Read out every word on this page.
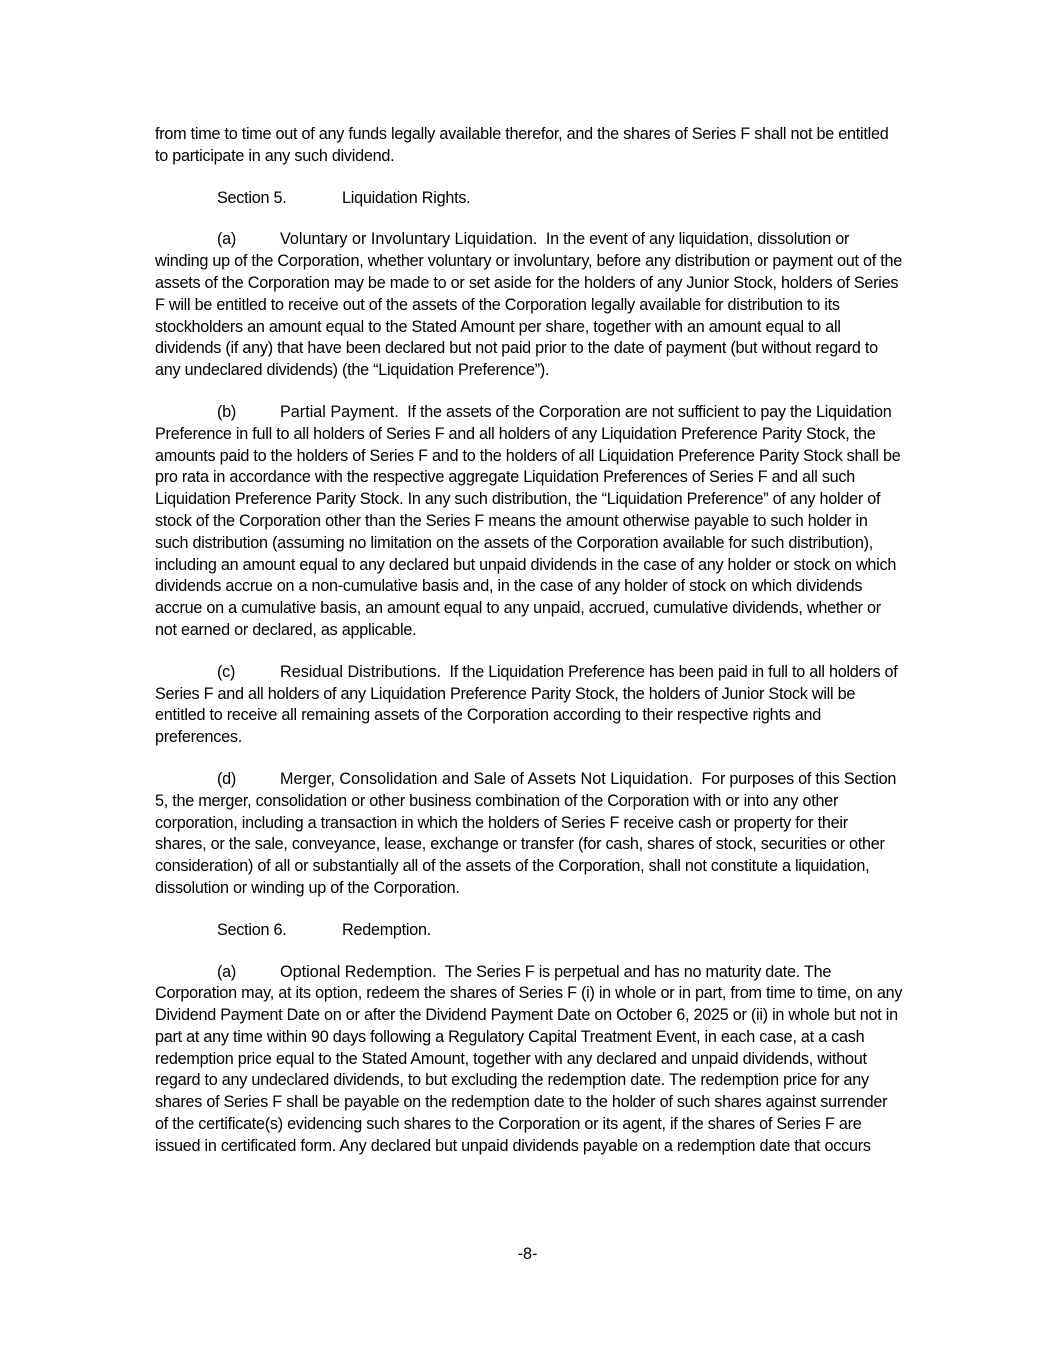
from time to time out of any funds legally available therefor, and the shares of Series F shall not be entitled to participate in any such dividend.

Section 5.	Liquidation Rights.

(a)	Voluntary or Involuntary Liquidation. In the event of any liquidation, dissolution or winding up of the Corporation, whether voluntary or involuntary, before any distribution or payment out of the assets of the Corporation may be made to or set aside for the holders of any Junior Stock, holders of Series F will be entitled to receive out of the assets of the Corporation legally available for distribution to its stockholders an amount equal to the Stated Amount per share, together with an amount equal to all dividends (if any) that have been declared but not paid prior to the date of payment (but without regard to any undeclared dividends) (the “Liquidation Preference”).

(b)	Partial Payment. If the assets of the Corporation are not sufficient to pay the Liquidation Preference in full to all holders of Series F and all holders of any Liquidation Preference Parity Stock, the amounts paid to the holders of Series F and to the holders of all Liquidation Preference Parity Stock shall be pro rata in accordance with the respective aggregate Liquidation Preferences of Series F and all such Liquidation Preference Parity Stock. In any such distribution, the “Liquidation Preference” of any holder of stock of the Corporation other than the Series F means the amount otherwise payable to such holder in such distribution (assuming no limitation on the assets of the Corporation available for such distribution), including an amount equal to any declared but unpaid dividends in the case of any holder or stock on which dividends accrue on a non-cumulative basis and, in the case of any holder of stock on which dividends accrue on a cumulative basis, an amount equal to any unpaid, accrued, cumulative dividends, whether or not earned or declared, as applicable.

(c)	Residual Distributions. If the Liquidation Preference has been paid in full to all holders of Series F and all holders of any Liquidation Preference Parity Stock, the holders of Junior Stock will be entitled to receive all remaining assets of the Corporation according to their respective rights and preferences.

(d)	Merger, Consolidation and Sale of Assets Not Liquidation. For purposes of this Section 5, the merger, consolidation or other business combination of the Corporation with or into any other corporation, including a transaction in which the holders of Series F receive cash or property for their shares, or the sale, conveyance, lease, exchange or transfer (for cash, shares of stock, securities or other consideration) of all or substantially all of the assets of the Corporation, shall not constitute a liquidation, dissolution or winding up of the Corporation.

Section 6.	Redemption.

(a)	Optional Redemption. The Series F is perpetual and has no maturity date. The Corporation may, at its option, redeem the shares of Series F (i) in whole or in part, from time to time, on any Dividend Payment Date on or after the Dividend Payment Date on October 6, 2025 or (ii) in whole but not in part at any time within 90 days following a Regulatory Capital Treatment Event, in each case, at a cash redemption price equal to the Stated Amount, together with any declared and unpaid dividends, without regard to any undeclared dividends, to but excluding the redemption date. The redemption price for any shares of Series F shall be payable on the redemption date to the holder of such shares against surrender of the certificate(s) evidencing such shares to the Corporation or its agent, if the shares of Series F are issued in certificated form. Any declared but unpaid dividends payable on a redemption date that occurs

-8-
